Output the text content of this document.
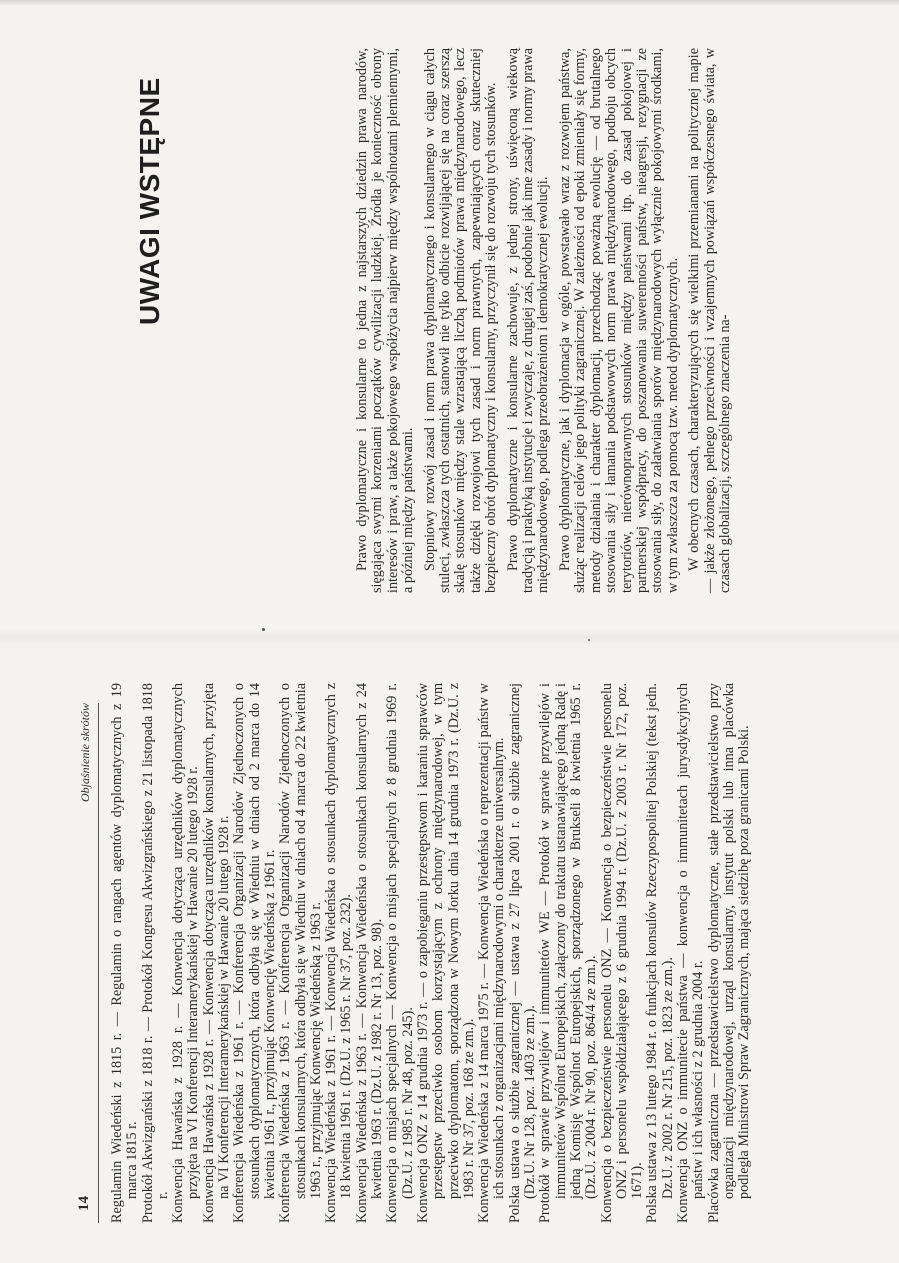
14
Objaśnienie skrótów Regulamin Wiedeński z 1815 r. — Regulamin o rangach agentów dyplomatycznych z 19 marca 1815 r. Protokół Akwizgrański z 1818 r. — Protokół Kongresu Akwizgrańskiego z 21 listopada 1818 r. Konwencja Hawańska z 1928 r. — Konwencja dotycząca urzędników dyplomatycznych przyjęta na VI Konferencji Interamerykańskiej w Hawanie 20 lutego 1928 r. Konwencja Hawańska z 1928 r. — Konwencja dotycząca urzędników konsularnych, przyjęta na VI Konferencji Interamerykańskiej w Hawanie 20 lutego 1928 r. Konferencja Wiedeńska z 1961 r. — Konferencja Organizacji Narodów Zjednoczonych o stosunkach dyplomatycznych, która odbyła się w Wiedniu w dniach od 2 marca do 14 kwietnia 1961 r., przyjmując Konwencję Wiedeńską z 1961 r. Konferencja Wiedeńska z 1963 r. — Konferencja Organizacji Narodów Zjednoczonych o stosunkach konsularnych, która odbyła się w Wiedniu w dniach od 4 marca do 22 kwietnia 1963 r., przyjmując Konwencję Wiedeńską z 1963 r. Konwencja Wiedeńska z 1961 r. — Konwencja Wiedeńska o stosunkach dyplomatycznych z 18 kwietnia 1961 r. (Dz.U. z 1965 r. Nr 37, poz. 232). Konwencja Wiedeńska z 1963 r. — Konwencja Wiedeńska o stosunkach konsularnych z 24 kwietnia 1963 r. (Dz.U. z 1982 r. Nr 13, poz. 98). Konwencja o misjach specjalnych — Konwencja o misjach specjalnych z 8 grudnia 1969 r. (Dz.U. z 1985 r. Nr 48, poz. 245). Konwencja ONZ z 14 grudnia 1973 r. — o zapobieganiu przestępstwom i karaniu sprawców przestępstw przeciwko osobom korzystającym z ochrony międzynarodowej, w tym przeciwko dyplomatom, sporządzona w Nowym Jorku dnia 14 grudnia 1973 r. (Dz.U. z 1983 r. Nr 37, poz. 168 ze zm.). Konwencja Wiedeńska z 14 marca 1975 r. — Konwencja Wiedeńska o reprezentacji państw w ich stosunkach z organizacjami międzynarodowymi o charakterze uniwersalnym. Polska ustawa o służbie zagranicznej — ustawa z 27 lipca 2001 r. o służbie zagranicznej (Dz.U. Nr 128, poz. 1403 ze zm.). Protokół w sprawie przywilejów i immunitetów WE — Protokół w sprawie przywilejów i immunitetów Wspólnot Europejskich, załączony do traktatu ustanawiającego jedną Radę i jedną Komisję Wspólnot Europejskich, sporządzonego w Brukseli 8 kwietnia 1965 r. (Dz.U. z 2004 r. Nr 90, poz. 864/4 ze zm.). Konwencja o bezpieczeństwie personelu ONZ — Konwencja o bezpieczeństwie personelu ONZ i personelu współdziałającego z 6 grudnia 1994 r. (Dz.U. z 2003 r. Nr 172, poz. 1671). Polska ustawa z 13 lutego 1984 r. o funkcjach konsulów Rzeczypospolitej Polskiej (tekst jedn. Dz.U. z 2002 r. Nr 215, poz. 1823 ze zm.). Konwencja ONZ o immunitecie państwa — konwencja o immunitetach jurysdykcyjnych państw i ich własności z 2 grudnia 2004 r. Placówka zagraniczna — przedstawicielstwo dyplomatyczne, stałe przedstawicielstwo przy organizacji międzynarodowej, urząd konsularny, instytut polski lub inna placówka podległa Ministrowi Spraw Zagranicznych, mająca siedzibę poza granicami Polski.
UWAGI WSTĘPNE	Prawo dyplomatyczne i konsularne to jedna z najstarszych dziedzin prawa narodów, sięgająca swymi korzeniami początków cywilizacji ludzkiej. Źródła je konieczność obrony interesów i praw, a także pokojowego współżycia najpierw między wspólnotami plemiennymi, a później między państwami. Stopniowy rozwój zasad i norm prawa dyplomatycznego i konsularnego w ciągu całych stuleci, zwłaszcza tych ostatnich, stanowił nie tylko odbicie rozwijającej się na coraz szerszą skalę stosunków między stale wzrastającą liczbą podmiotów prawa międzynarodowego, lecz także dzięki rozwojowi tych zasad i norm prawnych, zapewniających coraz skuteczniej bezpieczny obrót dyplomatyczny i konsularny, przyczynił się do rozwoju tych stosunków. Prawo dyplomatyczne i konsularne zachowuje, z jednej strony, uświęconą wiekową tradycją i praktyką instytucje i zwyczaje, z drugiej zaś, podobnie jak inne zasady i normy prawa międzynarodowego, podlega przeobrażeniom i demokratycznej ewolucji. Prawo dyplomatyczne, jak i dyplomacja w ogóle, powstawało wraz z rozwojem państwa, służąc realizacji celów jego polityki zagranicznej. W zależności od epoki zmieniały się formy, metody działania i charakter dyplomacji, przechodząc poważną ewolucję — od brutalnego stosowania siły i łamania podstawowych norm prawa międzynarodowego, podboju obcych terytoriów, nierównoprawnych stosunków między państwami itp. do zasad pokojowej i partnerskiej współpracy, do poszanowania suwerenności państw, nieagresji, rezygnacji ze stosowania siły, do załatwiania sporów międzynarodowych wyłącznie pokojowymi środkami, w tym zwłaszcza za pomocą tzw. metod dyplomatycznych. W obecnych czasach, charakteryzujących się wielkimi przemianami na politycznej mapie — jakże złożonego, pełnego przeciwności i wzajemnych powiązań współczesnego świata, w czasach globalizacji, szczególnego znaczenia na-
